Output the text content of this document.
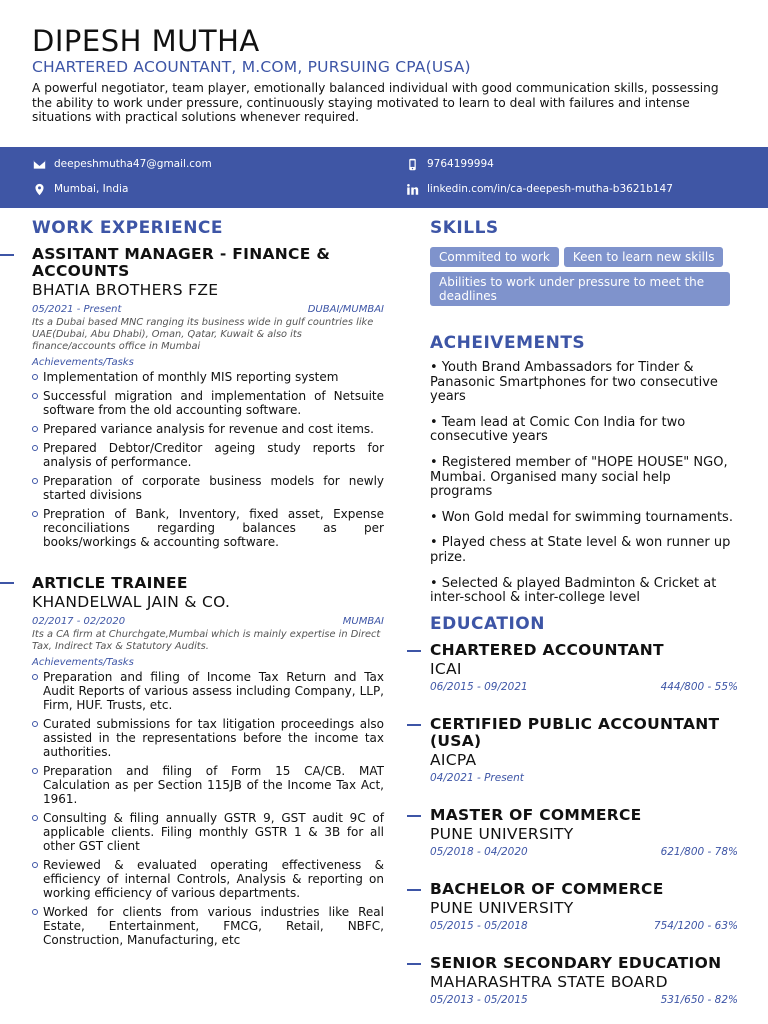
DIPESH MUTHA
CHARTERED ACOUNTANT, M.COM, PURSUING CPA(USA)
A powerful negotiator, team player, emotionally balanced individual with good communication skills, possessing the ability to work under pressure, continuously staying motivated to learn to deal with failures and intense situations with practical solutions whenever required.
deepeshmutha47@gmail.com	9764199994
Mumbai, India	linkedin.com/in/ca-deepesh-mutha-b3621b147
WORK EXPERIENCE
ASSITANT MANAGER - FINANCE & ACCOUNTS
BHATIA BROTHERS FZE
05/2021 - Present	DUBAI/MUMBAI
Its a Dubai based MNC ranging its business wide in gulf countries like UAE(Dubai, Abu Dhabi), Oman, Qatar, Kuwait & also its finance/accounts office in Mumbai
Achievements/Tasks
Implementation of monthly MIS reporting system
Successful migration and implementation of Netsuite software from the old accounting software.
Prepared variance analysis for revenue and cost items.
Prepared Debtor/Creditor ageing study reports for analysis of performance.
Preparation of corporate business models for newly started divisions
Prepration of Bank, Inventory, fixed asset, Expense reconciliations regarding balances as per books/workings & accounting software.
ARTICLE TRAINEE
KHANDELWAL JAIN & CO.
02/2017 - 02/2020	MUMBAI
Its a CA firm at Churchgate,Mumbai which is mainly expertise in Direct Tax, Indirect Tax & Statutory Audits.
Achievements/Tasks
Preparation and filing of Income Tax Return and Tax Audit Reports of various assess including Company, LLP, Firm, HUF. Trusts, etc.
Curated submissions for tax litigation proceedings also assisted in the representations before the income tax authorities.
Preparation and filing of Form 15 CA/CB. MAT Calculation as per Section 115JB of the Income Tax Act, 1961.
Consulting & filing annually GSTR 9, GST audit 9C of applicable clients. Filing monthly GSTR 1 & 3B for all other GST client
Reviewed & evaluated operating effectiveness & efficiency of internal Controls, Analysis & reporting on working efficiency of various departments.
Worked for clients from various industries like Real Estate, Entertainment, FMCG, Retail, NBFC, Construction, Manufacturing, etc
SKILLS
Commited to work	Keen to learn new skills
Abilities to work under pressure to meet the deadlines
ACHEIVEMENTS
• Youth Brand Ambassadors for Tinder & Panasonic Smartphones for two consecutive years
• Team lead at Comic Con India for two consecutive years
• Registered member of "HOPE HOUSE" NGO, Mumbai. Organised many social help programs
• Won Gold medal for swimming tournaments.
• Played chess at State level & won runner up prize.
• Selected & played Badminton & Cricket at inter-school & inter-college level
EDUCATION
CHARTERED ACCOUNTANT
ICAI
06/2015 - 09/2021	444/800 - 55%
CERTIFIED PUBLIC ACCOUNTANT (USA)
AICPA
04/2021 - Present
MASTER OF COMMERCE
PUNE UNIVERSITY
05/2018 - 04/2020	621/800 - 78%
BACHELOR OF COMMERCE
PUNE UNIVERSITY
05/2015 - 05/2018	754/1200 - 63%
SENIOR SECONDARY EDUCATION
MAHARASHTRA STATE BOARD
05/2013 - 05/2015	531/650 - 82%
